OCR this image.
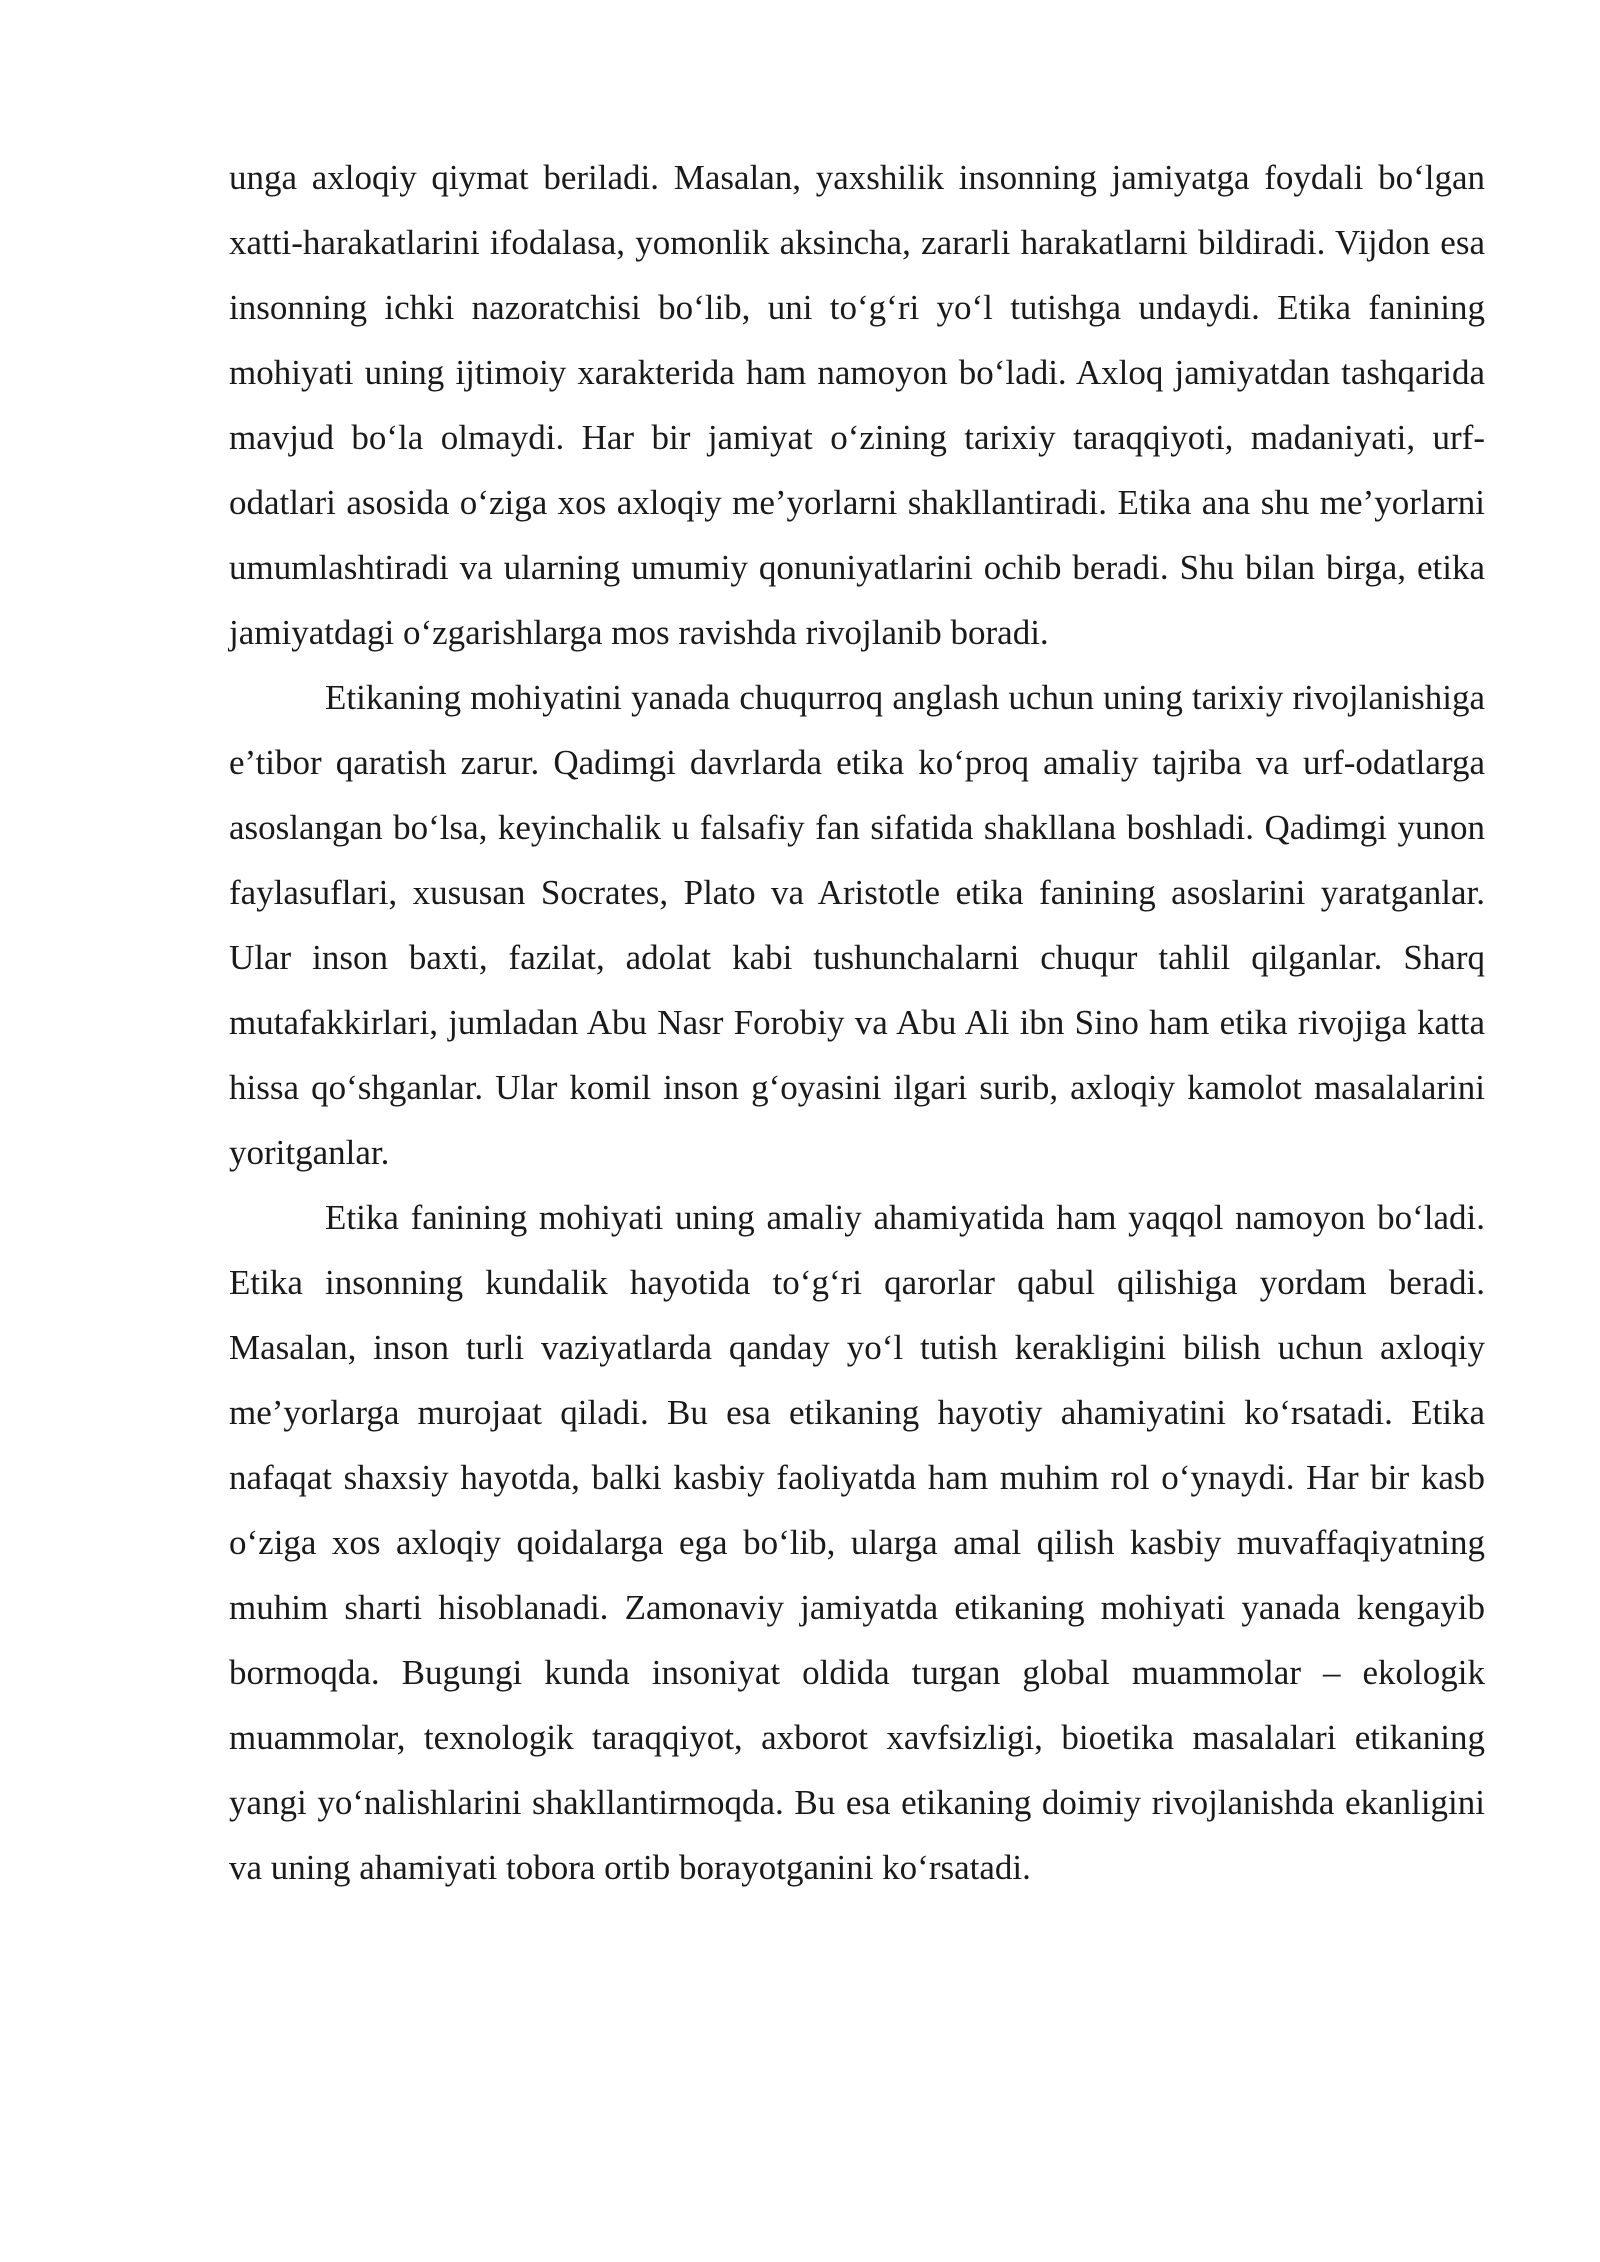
unga axloqiy qiymat beriladi. Masalan, yaxshilik insonning jamiyatga foydali bo‘lgan xatti-harakatlarini ifodalasa, yomonlik aksincha, zararli harakatlarni bildiradi. Vijdon esa insonning ichki nazoratchisi bo‘lib, uni to‘g‘ri yo‘l tutishga undaydi. Etika fanining mohiyati uning ijtimoiy xarakterida ham namoyon bo‘ladi. Axloq jamiyatdan tashqarida mavjud bo‘la olmaydi. Har bir jamiyat o‘zining tarixiy taraqqiyoti, madaniyati, urf-odatlari asosida o‘ziga xos axloqiy me’yorlarni shakllantiradi. Etika ana shu me’yorlarni umumlashtiradi va ularning umumiy qonuniyatlarini ochib beradi. Shu bilan birga, etika jamiyatdagi o‘zgarishlarga mos ravishda rivojlanib boradi.

Etikaning mohiyatini yanada chuqurroq anglash uchun uning tarixiy rivojlanishiga e’tibor qaratish zarur. Qadimgi davrlarda etika ko‘proq amaliy tajriba va urf-odatlarga asoslangan bo‘lsa, keyinchalik u falsafiy fan sifatida shakllana boshladi. Qadimgi yunon faylasuflari, xususan Socrates, Plato va Aristotle etika fanining asoslarini yaratganlar. Ular inson baxti, fazilat, adolat kabi tushunchalarni chuqur tahlil qilganlar. Sharq mutafakkirlari, jumladan Abu Nasr Forobiy va Abu Ali ibn Sino ham etika rivojiga katta hissa qo‘shganlar. Ular komil inson g‘oyasini ilgari surib, axloqiy kamolot masalalarini yoritganlar.

Etika fanining mohiyati uning amaliy ahamiyatida ham yaqqol namoyon bo‘ladi. Etika insonning kundalik hayotida to‘g‘ri qarorlar qabul qilishiga yordam beradi. Masalan, inson turli vaziyatlarda qanday yo‘l tutish kerakligini bilish uchun axloqiy me’yorlarga murojaat qiladi. Bu esa etikaning hayotiy ahamiyatini ko‘rsatadi. Etika nafaqat shaxsiy hayotda, balki kasbiy faoliyatda ham muhim rol o‘ynaydi. Har bir kasb o‘ziga xos axloqiy qoidalarga ega bo‘lib, ularga amal qilish kasbiy muvaffaqiyatning muhim sharti hisoblanadi. Zamonaviy jamiyatda etikaning mohiyati yanada kengayib bormoqda. Bugungi kunda insoniyat oldida turgan global muammolar – ekologik muammolar, texnologik taraqqiyot, axborot xavfsizligi, bioetika masalalari etikaning yangi yo‘nalishlarini shakllantirmoqda. Bu esa etikaning doimiy rivojlanishda ekanligini va uning ahamiyati tobora ortib borayotganini ko‘rsatadi.
